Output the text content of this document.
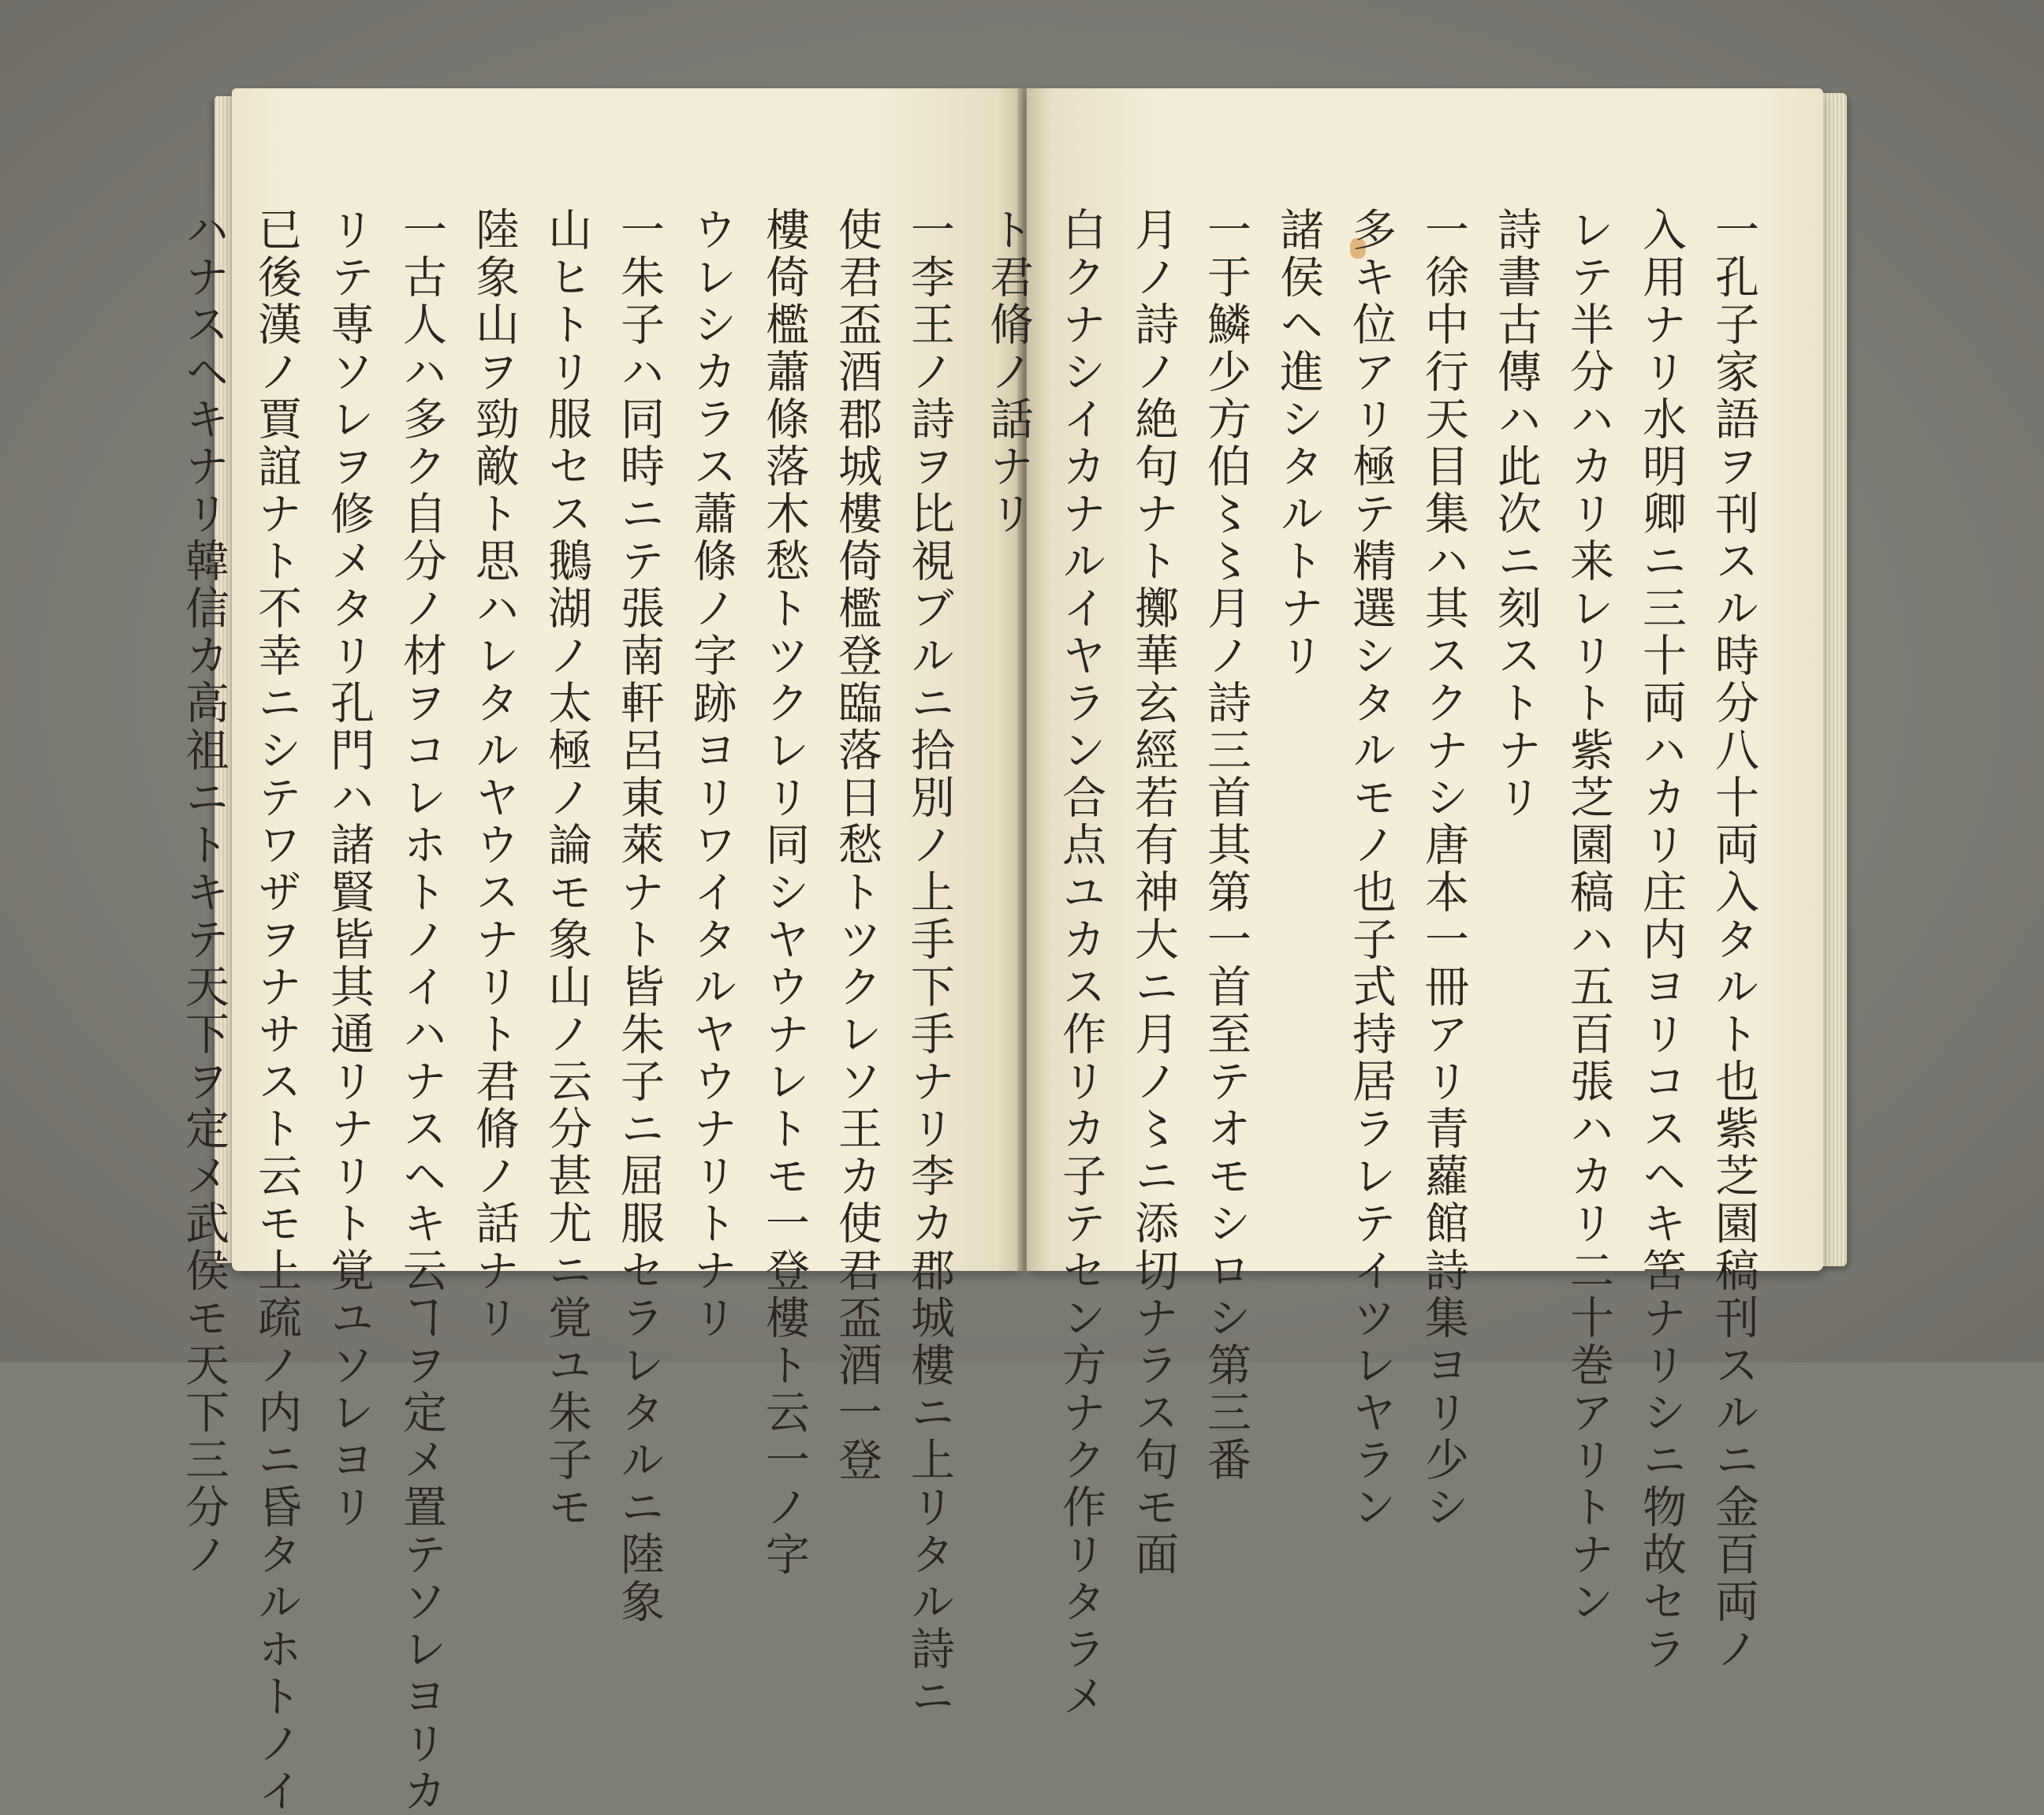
一李王ノ詩ヲ比視ブルニ拾別ノ上手下手ナリ李カ郡城樓ニ上リタル詩ニ

使君盃酒郡城樓倚檻登臨落日愁トツクレソ王カ使君盃酒一登

樓倚檻蕭條落木愁トツクレリ同シヤウナレトモ一登樓ト云一ノ字

ウレシカラス蕭條ノ字跡ヨリワイタルヤウナリトナリ

一朱子ハ同時ニテ張南軒呂東萊ナト皆朱子ニ屈服セラレタルニ陸象

山ヒトリ服セス鵝湖ノ太極ノ論モ象山ノ云分甚尤ニ覚ユ朱子モ

陸象山ヲ勁敵ト思ハレタルヤウスナリト君脩ノ話ナリ

一古人ハ多ク自分ノ材ヲコレホトノイハナスヘキ云ヿヲ定メ置テソレヨリカ

リテ専ソレヲ修メタリ孔門ハ諸賢皆其通リナリト覚ユソレヨリ

已後漢ノ賈誼ナト不幸ニシテワザヲナサスト云モ上疏ノ内ニ昏タルホトノイ

ハナスヘキナリ韓信カ高祖ニトキテ天下ヲ定メ武侯モ天下三分ノ	一孔子家語ヲ刊スル時分八十両入タルト也紫芝園稿刊スルニ金百両ノ

入用ナリ水明卿ニ三十両ハカリ庄内ヨリコスヘキ筈ナリシニ物故セラ

レテ半分ハカリ来レリト紫芝園稿ハ五百張ハカリ二十巻アリトナン

詩書古傳ハ此次ニ刻ストナリ

一徐中行天目集ハ其スクナシ唐本一冊アリ青蘿館詩集ヨリ少シ

多キ位アリ極テ精選シタルモノ也子式持居ラレテイツレヤラン

諸侯ヘ進シタルトナリ

一于鱗少方伯〻〻月ノ詩三首其第一首至テオモシロシ第三番

月ノ詩ノ絶句ナト擲華玄經若有神大ニ月ノ〻ニ添切ナラス句モ面

白クナシイカナルイヤラン合点ユカス作リカ子テセン方ナク作リタラメ

ト君脩ノ話ナリ
